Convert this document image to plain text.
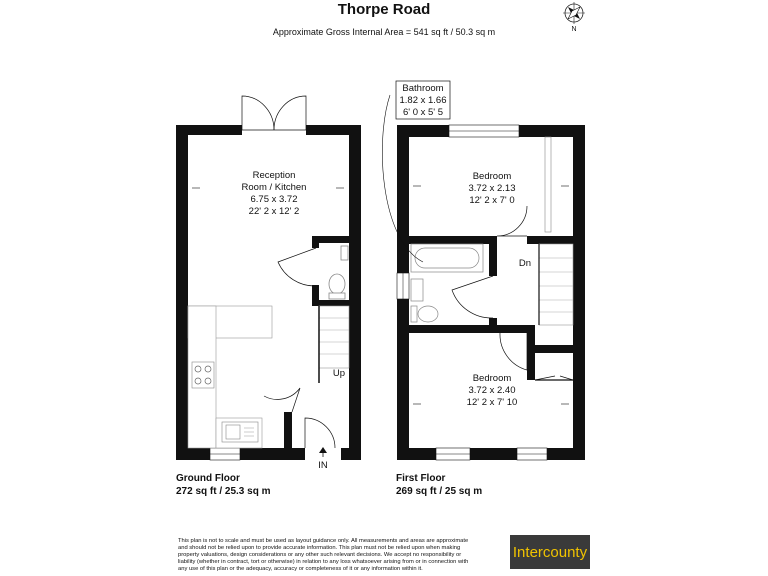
Thorpe Road
Approximate Gross Internal Area = 541 sq ft / 50.3 sq m	N
Reception
Room / Kitchen
6.75 x 3.72
22' 2 x 12' 2
Up
IN
Ground Floor
272 sq ft / 25.3 sq m
Bathroom
1.82 x 1.66
6' 0 x 5' 5
Bedroom
3.72 x 2.13
12' 2 x 7' 0
Dn
Bedroom
3.72 x 2.40
12' 2 x 7' 10
First Floor
269 sq ft / 25 sq m
This plan is not to scale and must be used as layout guidance only. All measurements and areas are approximate
and should not be relied upon to provide accurate information. This plan must not be relied upon when making
property valuations, design considerations or any other such relevant decisions. We accept no responsibility or
liability (whether in contract, tort or otherwise) in relation to any loss whatsoever arising from or in connection with
any use of this plan or the adequacy, accuracy or completeness of it or any information within it.
Intercounty
